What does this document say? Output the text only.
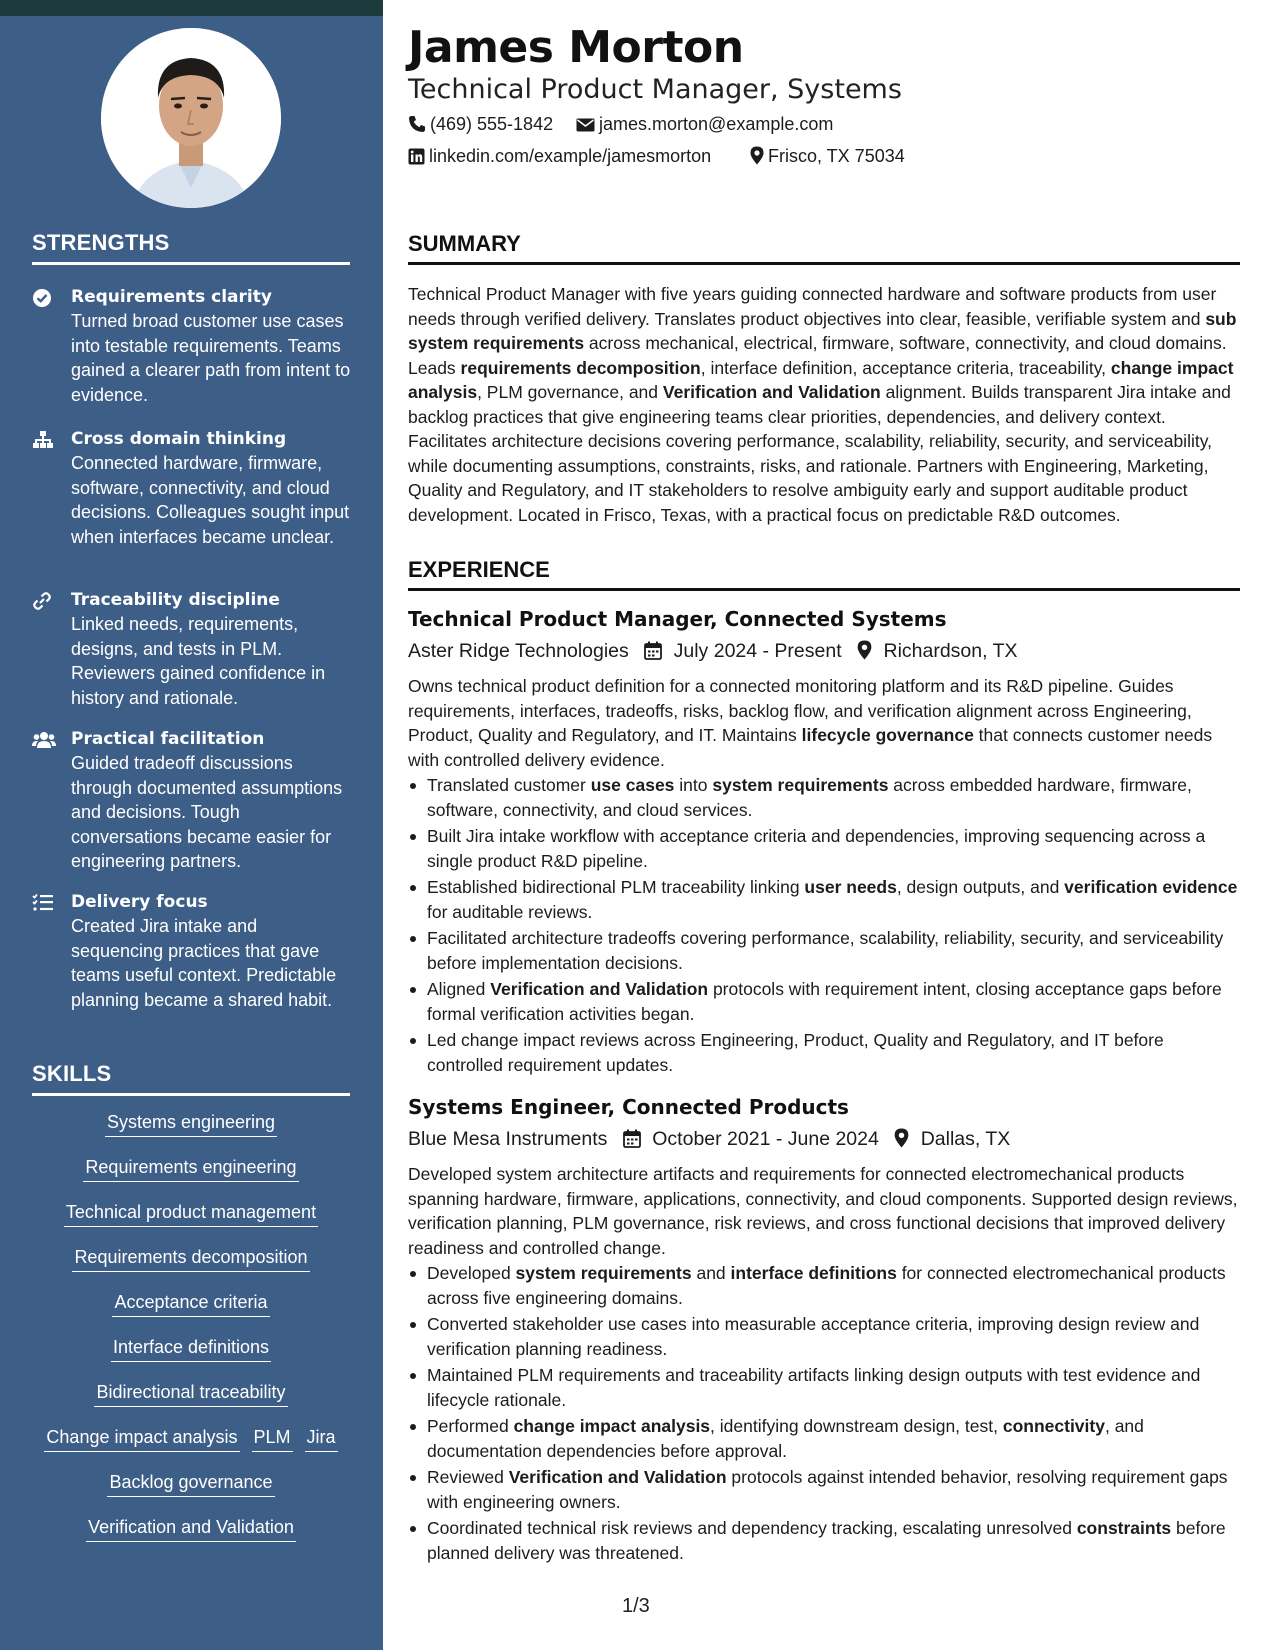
STRENGTHS
Requirements clarity
Turned broad customer use cases into testable requirements. Teams gained a clearer path from intent to evidence.
Cross domain thinking
Connected hardware, firmware, software, connectivity, and cloud decisions. Colleagues sought input when interfaces became unclear.
Traceability discipline
Linked needs, requirements, designs, and tests in PLM. Reviewers gained confidence in history and rationale.
Practical facilitation
Guided tradeoff discussions through documented assumptions and decisions. Tough conversations became easier for engineering partners.
Delivery focus
Created Jira intake and sequencing practices that gave teams useful context. Predictable planning became a shared habit.
SKILLS
Systems engineering
Requirements engineering
Technical product management
Requirements decomposition
Acceptance criteria
Interface definitions
Bidirectional traceability
Change impact analysis PLM Jira
Backlog governance
Verification and Validation
James Morton
Technical Product Manager, Systems
(469) 555-1842	james.morton@example.com
linkedin.com/example/jamesmorton	Frisco, TX 75034
SUMMARY
Technical Product Manager with five years guiding connected hardware and software products from user needs through verified delivery. Translates product objectives into clear, feasible, verifiable system and sub system requirements across mechanical, electrical, firmware, software, connectivity, and cloud domains. Leads requirements decomposition, interface definition, acceptance criteria, traceability, change impact analysis, PLM governance, and Verification and Validation alignment. Builds transparent Jira intake and backlog practices that give engineering teams clear priorities, dependencies, and delivery context. Facilitates architecture decisions covering performance, scalability, reliability, security, and serviceability, while documenting assumptions, constraints, risks, and rationale. Partners with Engineering, Marketing, Quality and Regulatory, and IT stakeholders to resolve ambiguity early and support auditable product development. Located in Frisco, Texas, with a practical focus on predictable R&D outcomes.
EXPERIENCE
Technical Product Manager, Connected Systems
Aster Ridge Technologies July 2024 - Present Richardson, TX
Owns technical product definition for a connected monitoring platform and its R&D pipeline. Guides requirements, interfaces, tradeoffs, risks, backlog flow, and verification alignment across Engineering, Product, Quality and Regulatory, and IT. Maintains lifecycle governance that connects customer needs with controlled delivery evidence.
Translated customer use cases into system requirements across embedded hardware, firmware, software, connectivity, and cloud services.
Built Jira intake workflow with acceptance criteria and dependencies, improving sequencing across a single product R&D pipeline.
Established bidirectional PLM traceability linking user needs, design outputs, and verification evidence for auditable reviews.
Facilitated architecture tradeoffs covering performance, scalability, reliability, security, and serviceability before implementation decisions.
Aligned Verification and Validation protocols with requirement intent, closing acceptance gaps before formal verification activities began.
Led change impact reviews across Engineering, Product, Quality and Regulatory, and IT before controlled requirement updates.
Systems Engineer, Connected Products
Blue Mesa Instruments October 2021 - June 2024 Dallas, TX
Developed system architecture artifacts and requirements for connected electromechanical products spanning hardware, firmware, applications, connectivity, and cloud components. Supported design reviews, verification planning, PLM governance, risk reviews, and cross functional decisions that improved delivery readiness and controlled change.
Developed system requirements and interface definitions for connected electromechanical products across five engineering domains.
Converted stakeholder use cases into measurable acceptance criteria, improving design review and verification planning readiness.
Maintained PLM requirements and traceability artifacts linking design outputs with test evidence and lifecycle rationale.
Performed change impact analysis, identifying downstream design, test, connectivity, and documentation dependencies before approval.
Reviewed Verification and Validation protocols against intended behavior, resolving requirement gaps with engineering owners.
Coordinated technical risk reviews and dependency tracking, escalating unresolved constraints before planned delivery was threatened.
1/3
